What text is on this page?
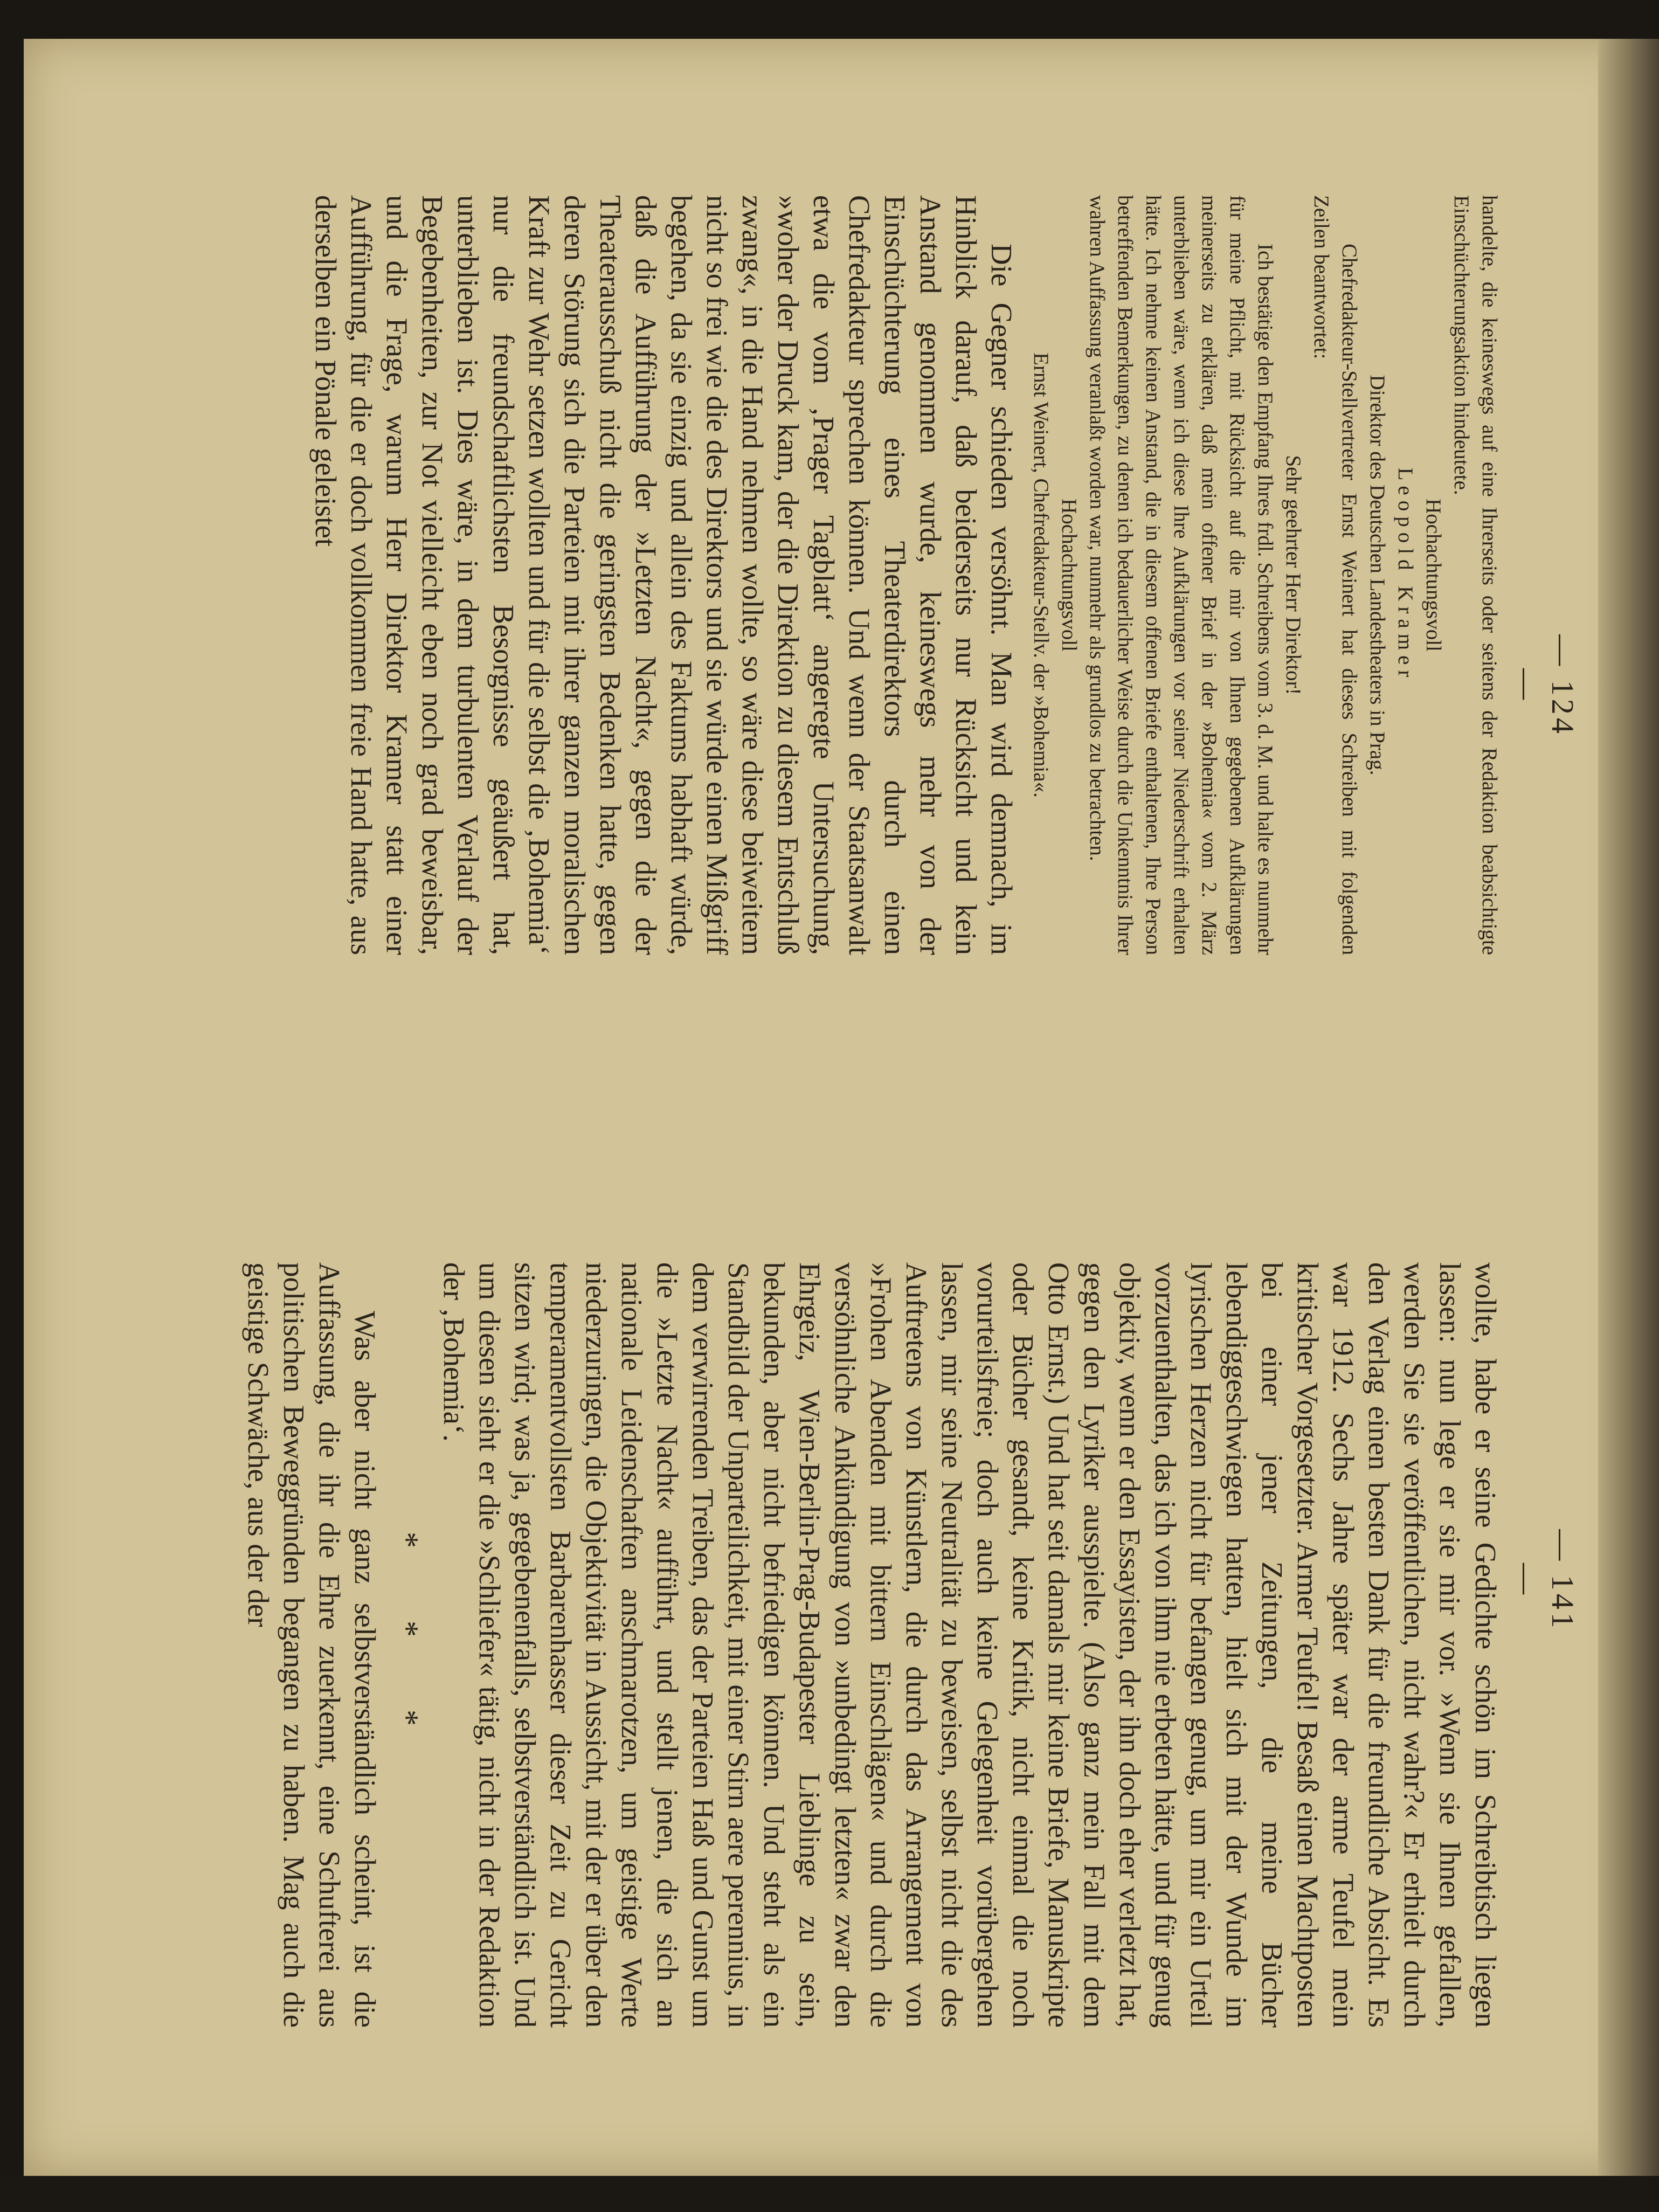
— 124 —
— 141 —

handelte, die keineswegs auf eine Ihrerseits oder seitens der Redaktion beabsichtigte Einschüchterungsaktion hindeutete.

Hochachtungsvoll

Leopold Kramer

Direktor des Deutschen Landestheaters in Prag.

Chefredakteur-Stellvertreter Ernst Weinert hat dieses Schreiben mit folgenden Zeilen beantwortet:

Sehr geehrter Herr Direktor!

Ich bestätige den Empfang Ihres frdl. Schreibens vom 3. d. M. und halte es nunmehr für meine Pflicht, mit Rücksicht auf die mir von Ihnen gegebenen Aufklärungen meinerseits zu erklären, daß mein offener Brief in der »Bohemia« vom 2. März unterblieben wäre, wenn ich diese Ihre Aufklärungen vor seiner Niederschrift erhalten hätte. Ich nehme keinen Anstand, die in diesem offenen Briefe enthaltenen, Ihre Person betreffenden Bemerkungen, zu denen ich bedauerlicher Weise durch die Unkenntnis Ihrer wahren Auffassung veranlaßt worden war, nunmehr als grundlos zu betrachten.

Hochachtungsvoll

Ernst Weinert, Chefredakteur-Stellv. der »Bohemia«.

Die Gegner schieden versöhnt. Man wird demnach, im Hinblick darauf, daß beiderseits nur Rücksicht und kein Anstand genommen wurde, keineswegs mehr von der Einschüchterung eines Theaterdirektors durch einen Chefredakteur sprechen können. Und wenn der Staatsanwalt etwa die vom ‚Prager Tagblatt‘ angeregte Untersuchung, »woher der Druck kam, der die Direktion zu diesem Entschluß zwang«, in die Hand nehmen wollte, so wäre diese beiweitem nicht so frei wie die des Direktors und sie würde einen Mißgriff begehen, da sie einzig und allein des Faktums habhaft würde, daß die Aufführung der »Letzten Nacht«, gegen die der Theaterausschuß nicht die geringsten Bedenken hatte, gegen deren Störung sich die Parteien mit ihrer ganzen moralischen Kraft zur Wehr setzen wollten und für die selbst die ‚Bohemia‘ nur die freundschaftlichsten Besorgnisse geäußert hat, unterblieben ist. Dies wäre, in dem turbulenten Verlauf der Begebenheiten, zur Not vielleicht eben noch grad beweisbar, und die Frage, warum Herr Direktor Kramer statt einer Aufführung, für die er doch vollkommen freie Hand hatte, aus derselben ein Pönale geleistet

wollte, habe er seine Gedichte schön im Schreibtisch liegen lassen: nun lege er sie mir vor. »Wenn sie Ihnen gefallen, werden Sie sie veröffentlichen, nicht wahr?« Er erhielt durch den Verlag einen besten Dank für die freundliche Absicht. Es war 1912. Sechs Jahre später war der arme Teufel mein kritischer Vorgesetzter. Armer Teufel! Besaß einen Machtposten bei einer jener Zeitungen, die meine Bücher lebendiggeschwiegen hatten, hielt sich mit der Wunde im lyrischen Herzen nicht für befangen genug, um mir ein Urteil vorzuenthalten, das ich von ihm nie erbeten hätte, und für genug objektiv, wenn er den Essayisten, der ihn doch eher verletzt hat, gegen den Lyriker ausspielte. (Also ganz mein Fall mit dem Otto Ernst.) Und hat seit damals mir keine Briefe, Manuskripte oder Bücher gesandt, keine Kritik, nicht einmal die noch vorurteilsfreie; doch auch keine Gelegenheit vorübergehen lassen, mir seine Neutralität zu beweisen, selbst nicht die des Auftretens von Künstlern, die durch das Arrangement von »Frohen Abenden mit bittern Einschlägen« und durch die versöhnliche Ankündigung von »unbedingt letzten« zwar den Ehrgeiz, Wien-Berlin-Prag-Budapester Lieblinge zu sein, bekunden, aber nicht befriedigen können. Und steht als ein Standbild der Unparteilichkeit, mit einer Stirn aere perennius, in dem verwirrenden Treiben, das der Parteien Haß und Gunst um die »Letzte Nacht« aufführt, und stellt jenen, die sich an nationale Leidenschaften anschmarotzen, um geistige Werte niederzuringen, die Objektivität in Aussicht, mit der er über den temperamentvollsten Barbarenhasser dieser Zeit zu Gericht sitzen wird; was ja, gegebenenfalls, selbstverständlich ist. Und um diesen sieht er die »Schliefer« tätig, nicht in der Redaktion der ‚Bohemia‘.

* * *

Was aber nicht ganz selbstverständlich scheint, ist die Auffassung, die ihr die Ehre zuerkennt, eine Schufterei aus politischen Beweggründen begangen zu haben. Mag auch die geistige Schwäche, aus der der
